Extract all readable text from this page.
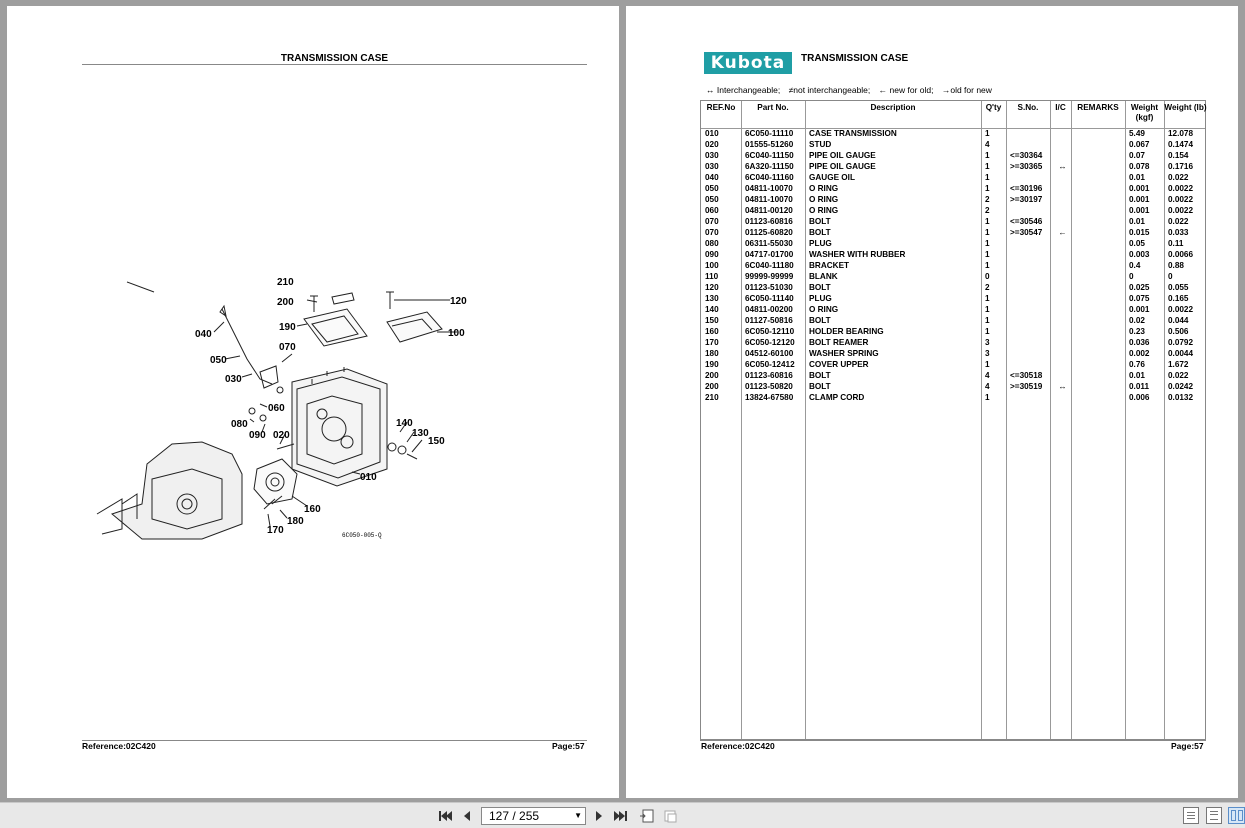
TRANSMISSION CASE
210
200
190
120
100
040
070
050
030
060
080
090 020
140
130
150
010
160
180
170	6C050-005-Q
Reference:02C420	Page:57
Kubota	TRANSMISSION CASE
↔ Interchangeable; ≠not interchangeable; ← new for old; →old for new
REF.No	Part No.	Description	Q'ty	S.No.	I/C	REMARKS	Weight (kgf)	Weight (lb)
010	6C050-11110	CASE TRANSMISSION	1				5.49	12.078
020	01555-51260	STUD	4				0.067	0.1474
030	6C040-11150	PIPE OIL GAUGE	1	<=30364			0.07	0.154
030	6A320-11150	PIPE OIL GAUGE	1	>=30365	↔		0.078	0.1716
040	6C040-11160	GAUGE OIL	1				0.01	0.022
050	04811-10070	O RING	1	<=30196			0.001	0.0022
050	04811-10070	O RING	2	>=30197			0.001	0.0022
060	04811-00120	O RING	2				0.001	0.0022
070	01123-60816	BOLT	1	<=30546			0.01	0.022
070	01125-60820	BOLT	1	>=30547	←		0.015	0.033
080	06311-55030	PLUG	1				0.05	0.11
090	04717-01700	WASHER WITH RUBBER	1				0.003	0.0066
100	6C040-11180	BRACKET	1				0.4	0.88
110	99999-99999	BLANK	0				0	0
120	01123-51030	BOLT	2				0.025	0.055
130	6C050-11140	PLUG	1				0.075	0.165
140	04811-00200	O RING	1				0.001	0.0022
150	01127-50816	BOLT	1				0.02	0.044
160	6C050-12110	HOLDER BEARING	1				0.23	0.506
170	6C050-12120	BOLT REAMER	3				0.036	0.0792
180	04512-60100	WASHER SPRING	3				0.002	0.0044
190	6C050-12412	COVER UPPER	1				0.76	1.672
200	01123-60816	BOLT	4	<=30518			0.01	0.022
200	01123-50820	BOLT	4	>=30519	↔		0.011	0.0242
210	13824-67580	CLAMP CORD	1				0.006	0.0132
Reference:02C420	Page:57
127 / 255	▼
